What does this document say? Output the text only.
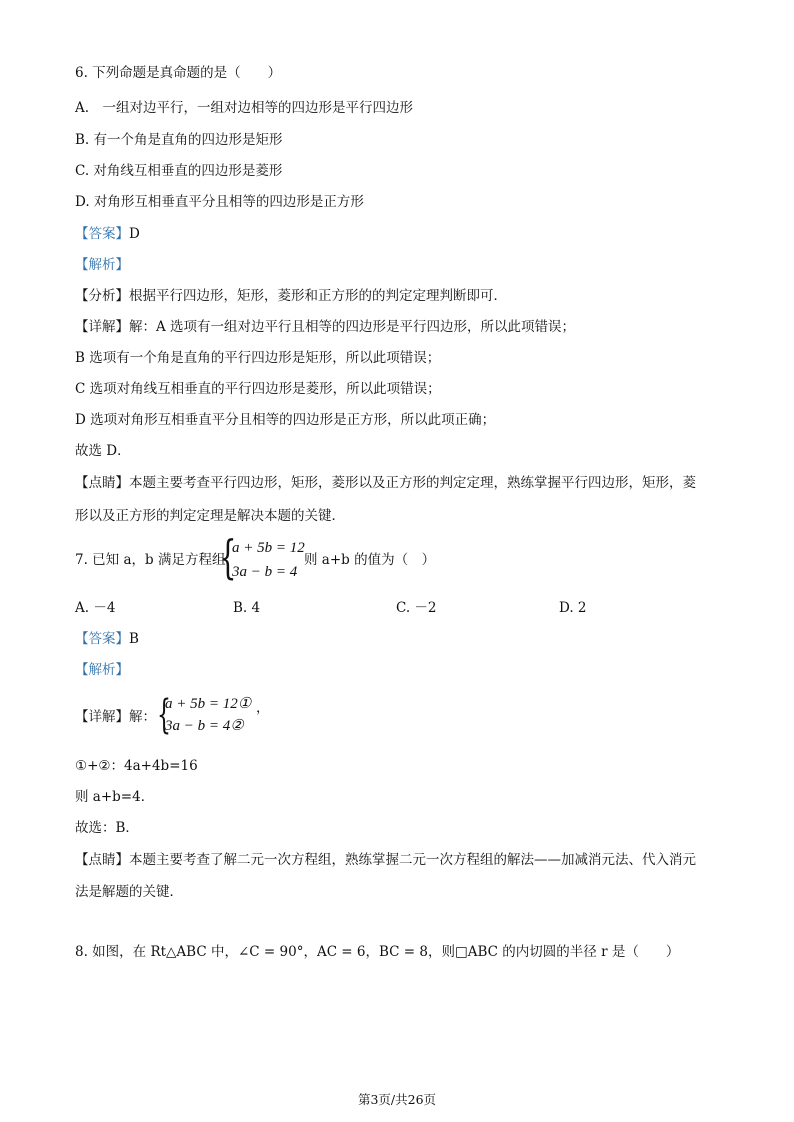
6. 下列命题是真命题的是（　　）
A.　一组对边平行，一组对边相等的四边形是平行四边形
B. 有一个角是直角的四边形是矩形
C. 对角线互相垂直的四边形是菱形
D. 对角形互相垂直平分且相等的四边形是正方形
【答案】D
【解析】
【分析】根据平行四边形，矩形，菱形和正方形的的判定定理判断即可．
【详解】解：A 选项有一组对边平行且相等的四边形是平行四边形，所以此项错误；
B 选项有一个角是直角的平行四边形是矩形，所以此项错误；
C 选项对角线互相垂直的平行四边形是菱形，所以此项错误；
D 选项对角形互相垂直平分且相等的四边形是正方形，所以此项正确；
故选 D．
【点睛】本题主要考查平行四边形，矩形，菱形以及正方形的判定定理，熟练掌握平行四边形，矩形，菱
形以及正方形的判定定理是解决本题的关键．
7. 已知 a，b 满足方程组
{
a + 5b = 12
3a − b = 4
则 a+b 的值为（　）
A. －4	B. 4	C. －2	D. 2
【答案】B
【解析】
【详解】解： {
a + 5b = 12①
3a − b = 4②
，
①+②：4a+4b=16
则 a+b=4．
故选：B．
【点睛】本题主要考查了解二元一次方程组，熟练掌握二元一次方程组的解法——加减消元法、代入消元
法是解题的关键．
8. 如图，在 Rt△ABC 中，∠C = 90°，AC = 6，BC = 8，则□ABC 的内切圆的半径 r 是（　　）
第3页/共26页
